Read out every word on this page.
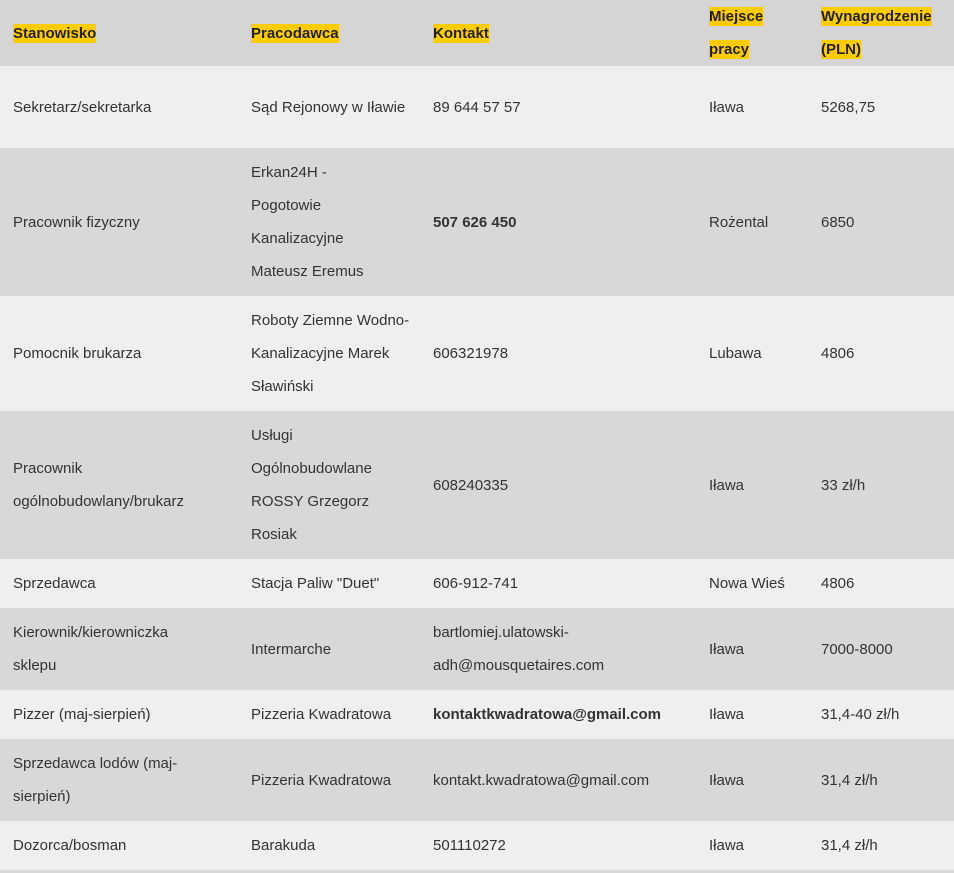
Stanowisko	Pracodawca	Kontakt	Miejsce pracy	Wynagrodzenie (PLN)
Sekretarz/sekretarka	Sąd Rejonowy w Iławie	89 644 57 57	Iława	5268,75
Pracownik fizyczny	Erkan24H - Pogotowie Kanalizacyjne Mateusz Eremus	507 626 450	Rożental	6850
Pomocnik brukarza	Roboty Ziemne Wodno-Kanalizacyjne Marek Sławiński	606321978	Lubawa	4806
Pracownik ogólnobudowlany/brukarz	Usługi Ogólnobudowlane ROSSY Grzegorz Rosiak	608240335	Iława	33 zł/h
Sprzedawca	Stacja Paliw "Duet"	606-912-741	Nowa Wieś	4806
Kierownik/kierowniczka sklepu	Intermarche	bartlomiej.ulatowski-adh@mousquetaires.com	Iława	7000-8000
Pizzer (maj-sierpień)	Pizzeria Kwadratowa	kontaktkwadratowa@gmail.com	Iława	31,4-40 zł/h
Sprzedawca lodów (maj-sierpień)	Pizzeria Kwadratowa	kontakt.kwadratowa@gmail.com	Iława	31,4 zł/h
Dozorca/bosman	Barakuda	501110272	Iława	31,4 zł/h
